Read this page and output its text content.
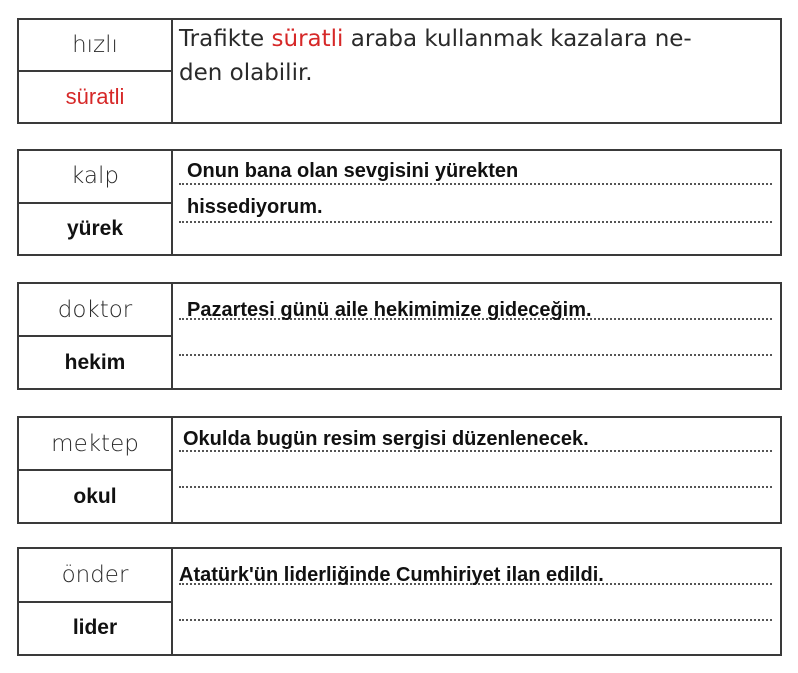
hızlı
süratli
Trafikte süratli araba kullanmak kazalara ne-
den olabilir.
kalp
yürek
Onun bana olan sevgisini yürekten
hissediyorum.
doktor
hekim
Pazartesi günü aile hekimimize gideceğim.
mektep
okul
Okulda bugün resim sergisi düzenlenecek.
önder
lider
Atatürk'ün liderliğinde Cumhiriyet ilan edildi.
